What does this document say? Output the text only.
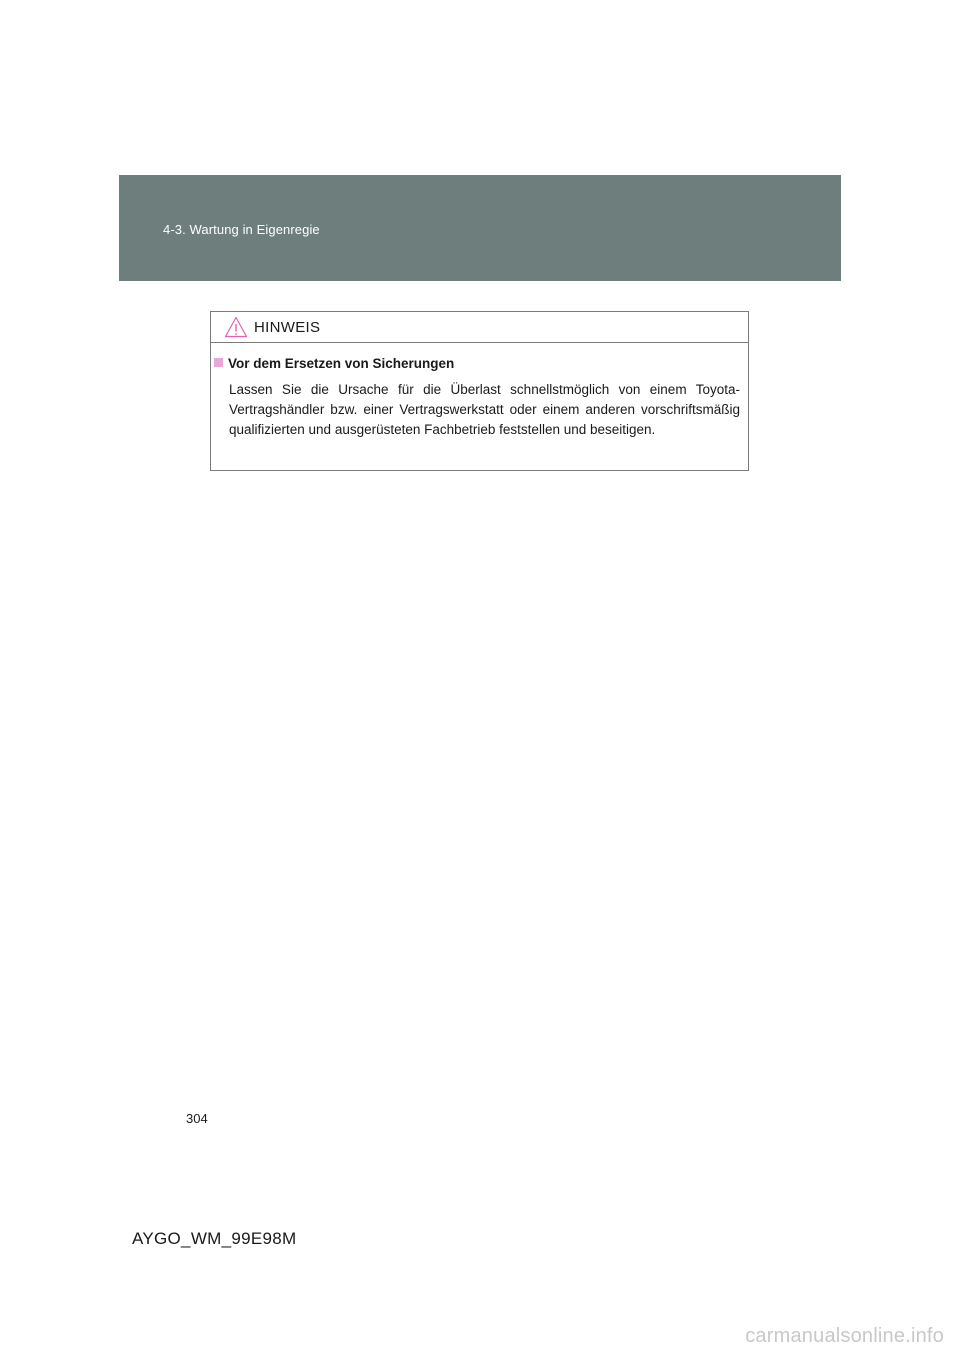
4-3. Wartung in Eigenregie
HINWEIS
Vor dem Ersetzen von Sicherungen
Lassen Sie die Ursache für die Überlast schnellstmöglich von einem Toyota-Vertragshändler bzw. einer Vertragswerkstatt oder einem anderen vorschriftsmäßig qualifizierten und ausgerüsteten Fachbetrieb feststellen und beseitigen.
304
AYGO_WM_99E98M
carmanualsonline.info
